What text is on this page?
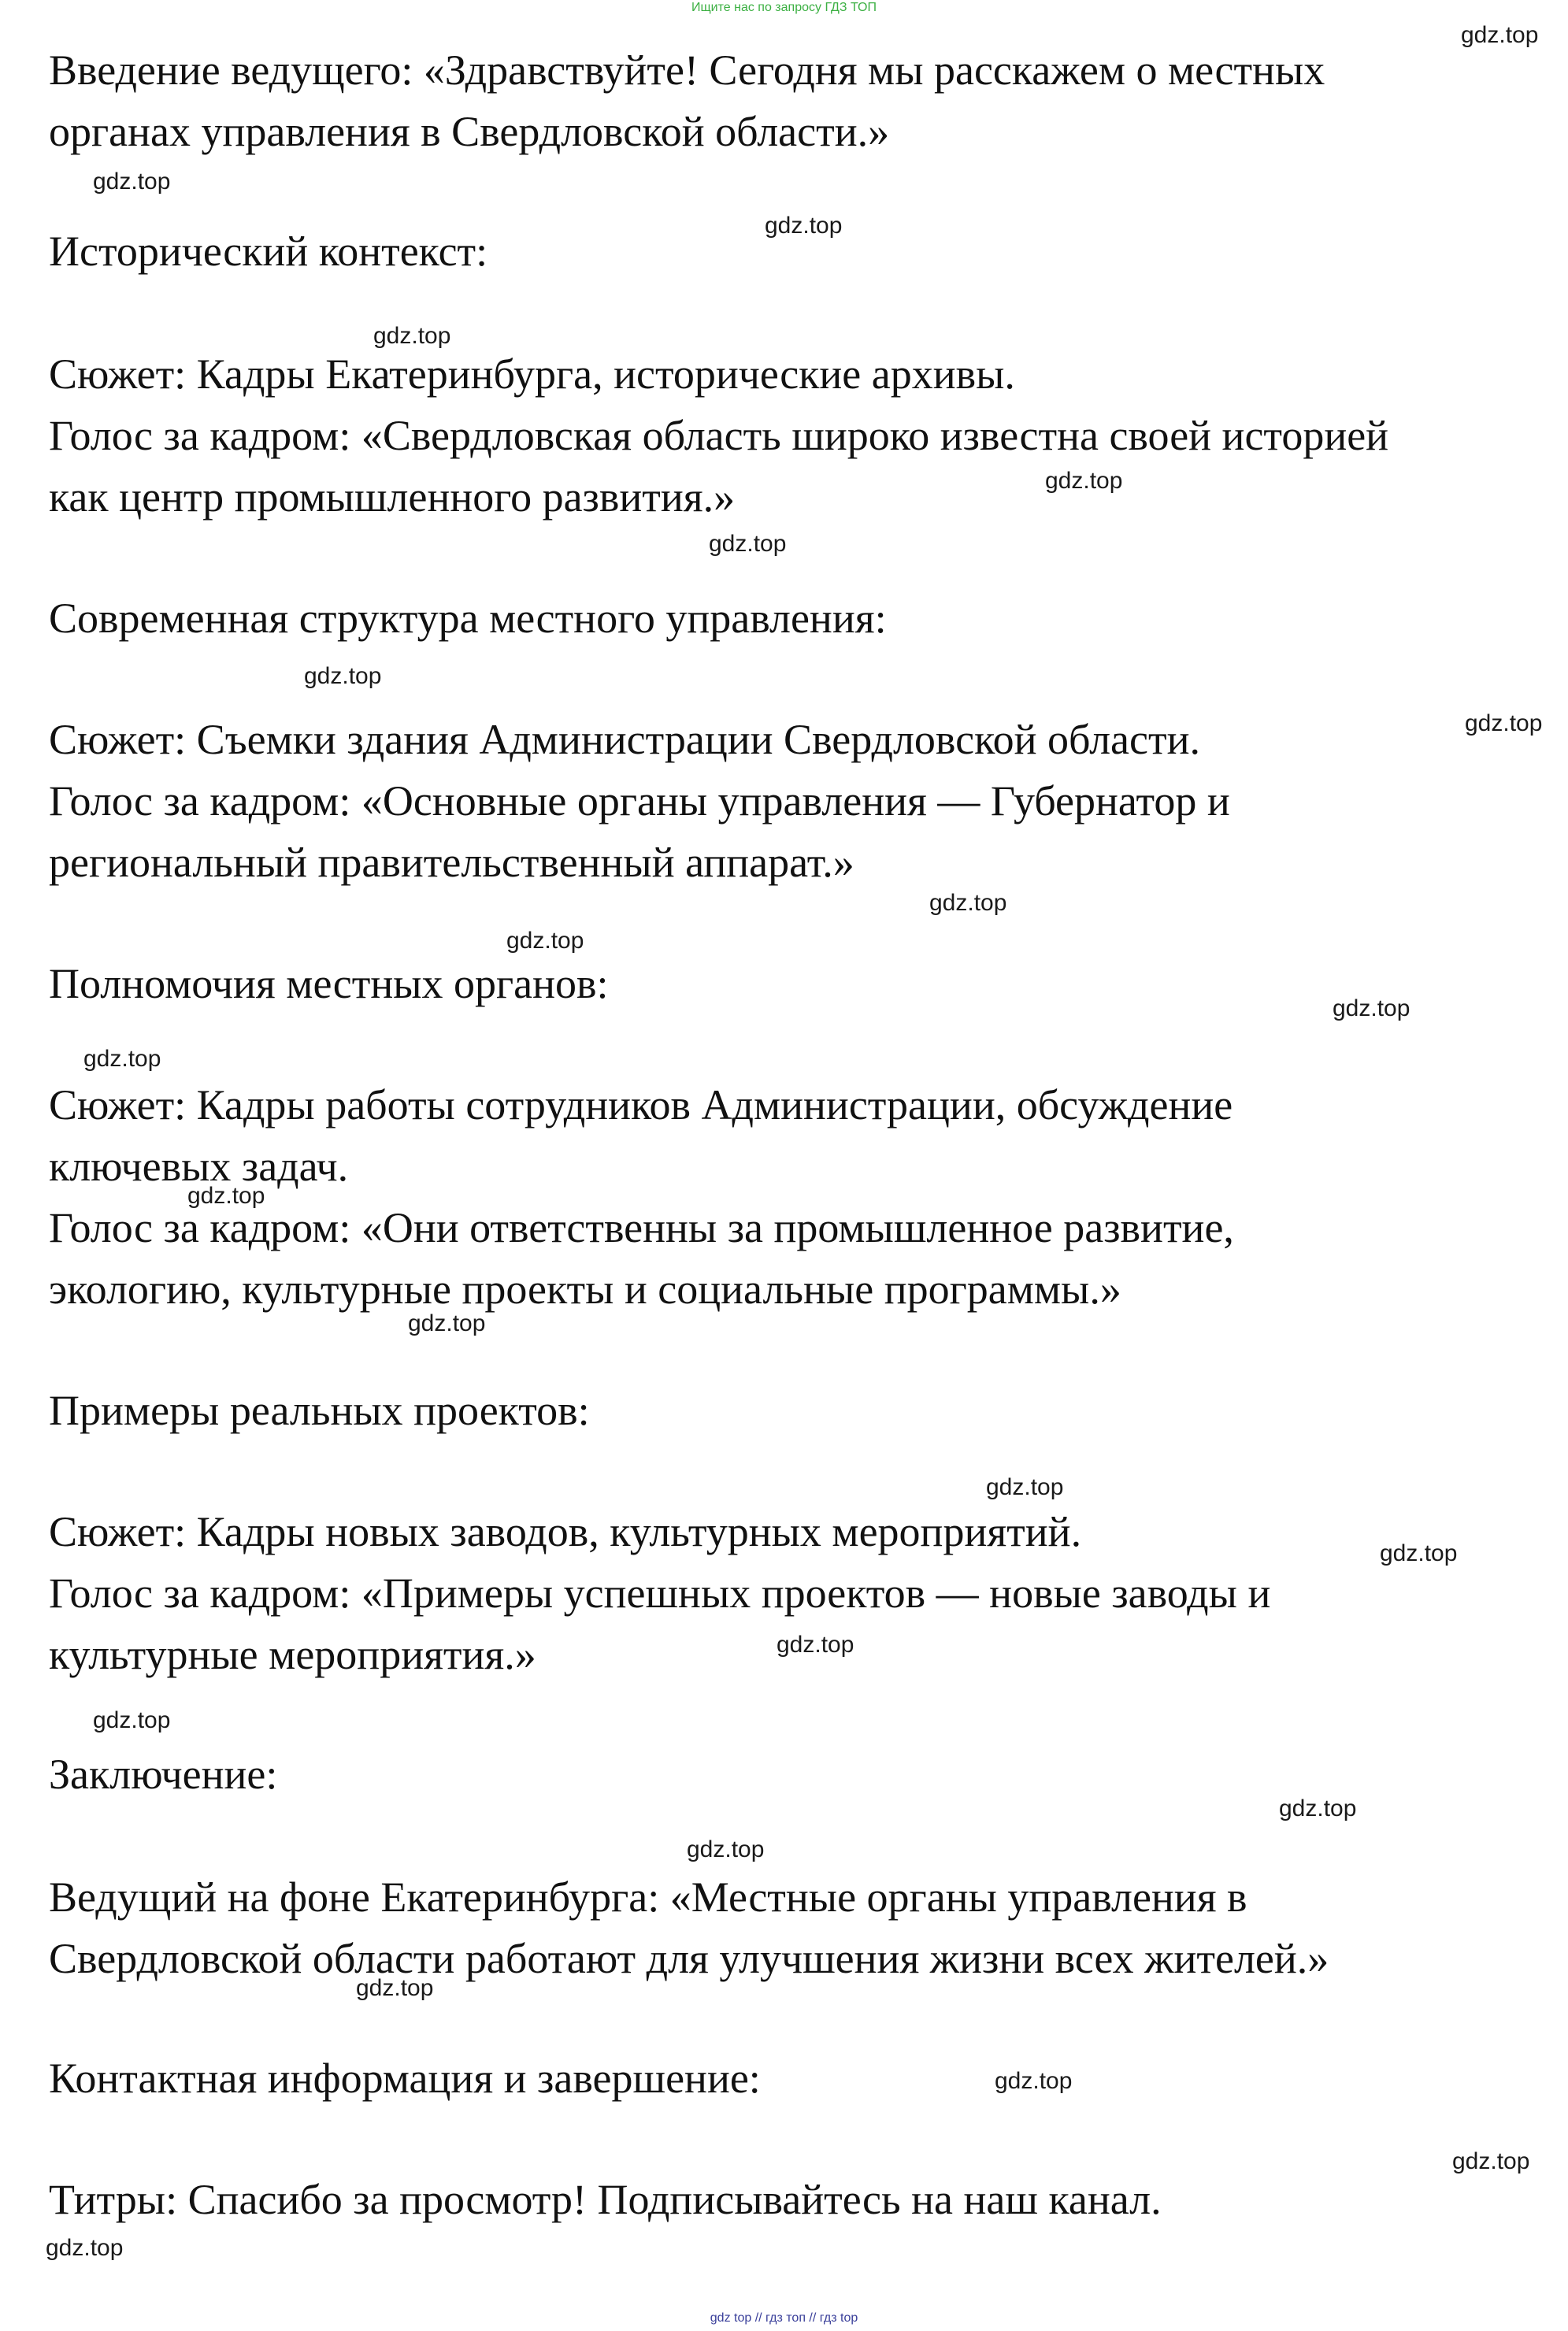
Ищите нас по запросу ГДЗ ТОП

Введение ведущего: «Здравствуйте! Сегодня мы расскажем о местных

органах управления в Свердловской области.»

Исторический контекст:

Сюжет: Кадры Екатеринбурга, исторические архивы.

Голос за кадром: «Свердловская область широко известна своей историей

как центр промышленного развития.»

Современная структура местного управления:

Сюжет: Съемки здания Администрации Свердловской области.

Голос за кадром: «Основные органы управления — Губернатор и

региональный правительственный аппарат.»

Полномочия местных органов:

Сюжет: Кадры работы сотрудников Администрации, обсуждение

ключевых задач.

Голос за кадром: «Они ответственны за промышленное развитие,

экологию, культурные проекты и социальные программы.»

Примеры реальных проектов:

Сюжет: Кадры новых заводов, культурных мероприятий.

Голос за кадром: «Примеры успешных проектов — новые заводы и

культурные мероприятия.»

Заключение:

Ведущий на фоне Екатеринбурга: «Местные органы управления в

Свердловской области работают для улучшения жизни всех жителей.»

Контактная информация и завершение:

Титры: Спасибо за просмотр! Подписывайтесь на наш канал.

gdz.top
gdz.top
gdz.top
gdz.top
gdz.top
gdz.top
gdz.top
gdz.top
gdz.top
gdz.top
gdz.top
gdz.top
gdz.top
gdz.top
gdz.top
gdz.top
gdz.top
gdz.top
gdz.top
gdz.top
gdz.top
gdz.top
gdz.top
gdz.top
gdz top // гдз топ // гдз top
